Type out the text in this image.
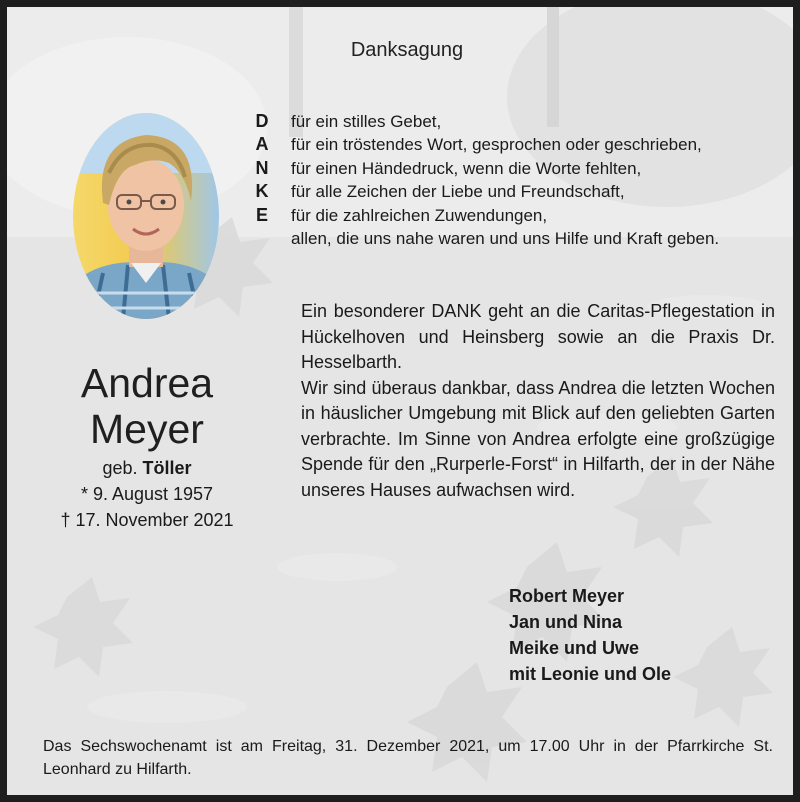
Danksagung
D
A
N
K
E
für ein stilles Gebet,
für ein tröstendes Wort, gesprochen oder geschrieben,
für einen Händedruck, wenn die Worte fehlten,
für alle Zeichen der Liebe und Freundschaft,
für die zahlreichen Zuwendungen,
allen, die uns nahe waren und uns Hilfe und Kraft geben.
Andrea
Meyer
geb. Töller
* 9. August 1957
† 17. November 2021
Ein besonderer DANK geht an die Caritas-Pflegestation in Hückelhoven und Heinsberg sowie an die Praxis Dr. Hesselbarth.
Wir sind überaus dankbar, dass Andrea die letzten Wochen in häuslicher Umgebung mit Blick auf den geliebten Garten verbrachte. Im Sinne von Andrea erfolgte eine großzügige Spende für den „Rurperle-Forst“ in Hilfarth, der in der Nähe unseres Hauses aufwachsen wird.
Robert Meyer
Jan und Nina
Meike und Uwe
mit Leonie und Ole
Das Sechswochenamt ist am Freitag, 31. Dezember 2021, um 17.00 Uhr in der Pfarrkirche St. Leonhard zu Hilfarth.
